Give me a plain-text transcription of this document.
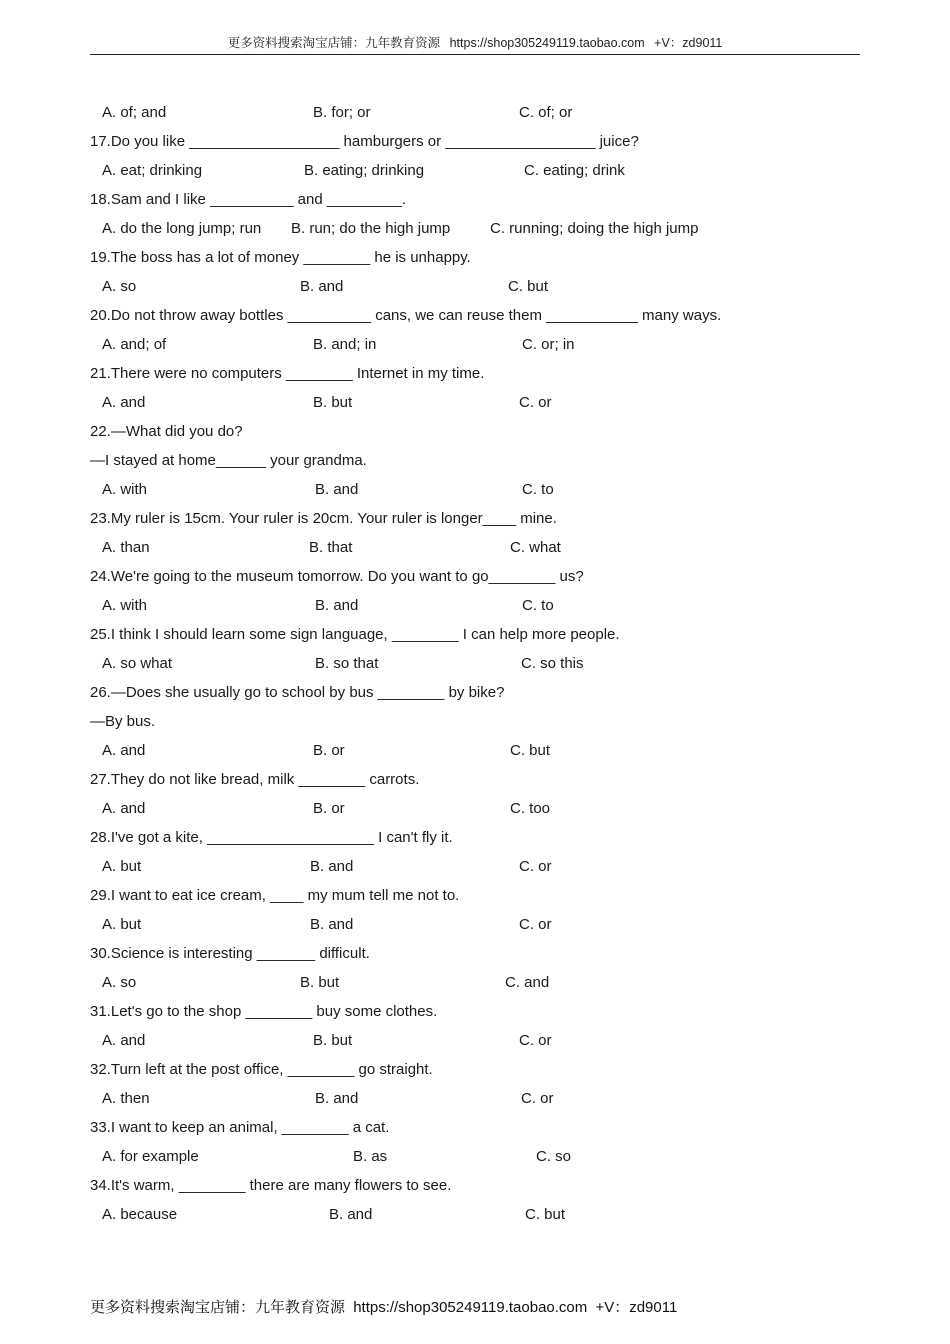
更多资料搜索淘宝店铺：九年教育资源 https://shop305249119.taobao.com +V：zd9011
A. of; and	B. for; or	C. of; or
17.Do you like __________________ hamburgers or __________________ juice?
A. eat; drinking	B. eating; drinking	C. eating; drink
18.Sam and I like __________ and _________.
A. do the long jump; run B. run; do the high jump	C. running; doing the high jump
19.The boss has a lot of money ________ he is unhappy.
A. so	B. and	C. but
20.Do not throw away bottles __________ cans, we can reuse them ___________ many ways.
A. and; of	B. and; in	C. or; in
21.There were no computers ________ Internet in my time.
A. and	B. but	C. or
22.—What did you do?
—I stayed at home______ your grandma.
A. with	B. and	C. to
23.My ruler is 15cm. Your ruler is 20cm. Your ruler is longer____ mine.
A. than	B. that	C. what
24.We're going to the museum tomorrow. Do you want to go________ us?
A. with	B. and	C. to
25.I think I should learn some sign language, ________ I can help more people.
A. so what	B. so that	C. so this
26.—Does she usually go to school by bus ________ by bike?
—By bus.
A. and	B. or	C. but
27.They do not like bread, milk ________ carrots.
A. and	B. or	C. too
28.I've got a kite, ____________________ I can't fly it.
A. but	B. and	C. or
29.I want to eat ice cream, ____ my mum tell me not to.
A. but	B. and	C. or
30.Science is interesting _______ difficult.
A. so	B. but	C. and
31.Let's go to the shop ________ buy some clothes.
A. and	B. but	C. or
32.Turn left at the post office, ________ go straight.
A. then	B. and	C. or
33.I want to keep an animal, ________ a cat.
A. for example	B. as	C. so
34.It's warm, ________ there are many flowers to see.
A. because	B. and	C. but
更多资料搜索淘宝店铺：九年教育资源 https://shop305249119.taobao.com +V：zd9011
